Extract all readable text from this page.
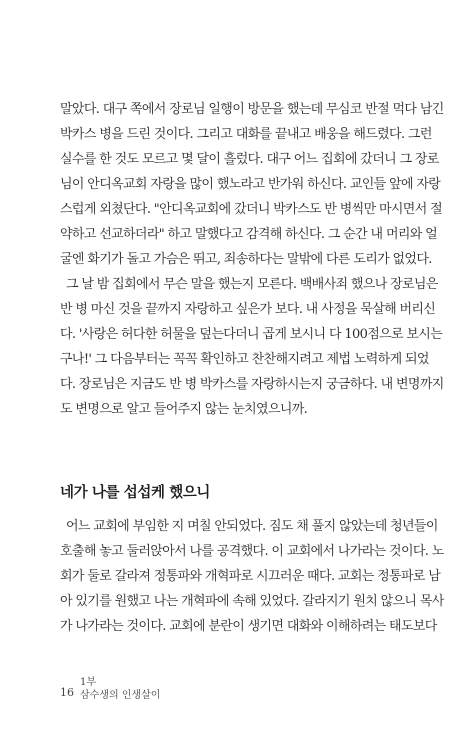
말았다. 대구 쪽에서 장로님 일행이 방문을 했는데 무심코 반절 먹다 남긴
박카스 병을 드린 것이다. 그리고 대화를 끝내고 배웅을 해드렸다. 그런
실수를 한 것도 모르고 몇 달이 흘렀다. 대구 어느 집회에 갔더니 그 장로
님이 안디옥교회 자랑을 많이 했노라고 반가워 하신다. 교인들 앞에 자랑
스럽게 외쳤단다. "안디옥교회에 갔더니 박카스도 반 병씩만 마시면서 절
약하고 선교하더라" 하고 말했다고 감격해 하신다. 그 순간 내 머리와 얼
굴엔 화기가 돌고 가슴은 뛰고, 죄송하다는 말밖에 다른 도리가 없었다.
그 날 밤 집회에서 무슨 말을 했는지 모른다. 백배사죄 했으나 장로님은
반 병 마신 것을 끝까지 자랑하고 싶은가 보다. 내 사정을 묵살해 버리신
다. '사랑은 허다한 허물을 덮는다더니 곱게 보시니 다 100점으로 보시는
구나!' 그 다음부터는 꼭꼭 확인하고 찬찬해지려고 제법 노력하게 되었
다. 장로님은 지금도 반 병 박카스를 자랑하시는지 궁금하다. 내 변명까지
도 변명으로 알고 들어주지 않는 눈치였으니까.
네가 나를 섭섭케 했으니
어느 교회에 부임한 지 며칠 안되었다. 짐도 채 풀지 않았는데 청년들이
호출해 놓고 둘러앉아서 나를 공격했다. 이 교회에서 나가라는 것이다. 노
회가 둘로 갈라져 정통파와 개혁파로 시끄러운 때다. 교회는 정통파로 남
아 있기를 원했고 나는 개혁파에 속해 있었다. 갈라지기 원치 않으니 목사
가 나가라는 것이다. 교회에 분란이 생기면 대화와 이해하려는 태도보다
16
1부
삼수생의 인생살이
